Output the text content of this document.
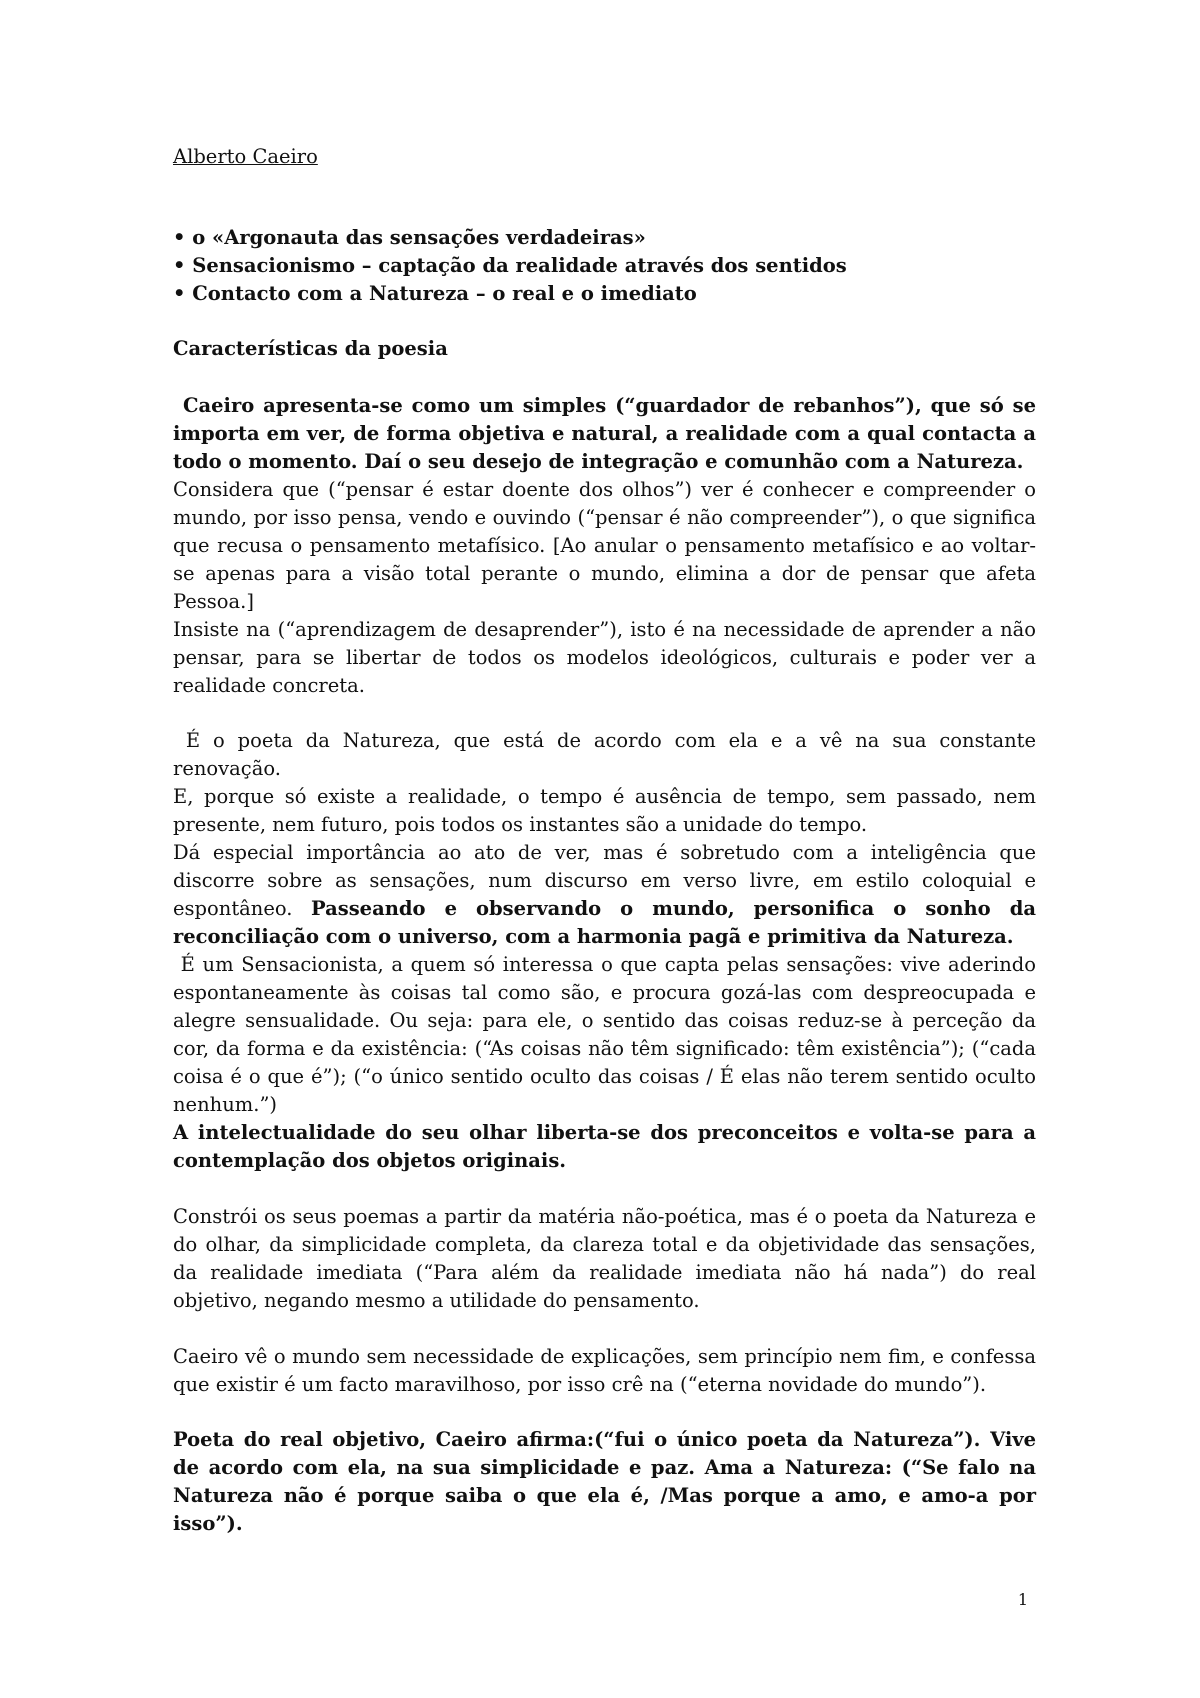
Alberto Caeiro
• o «Argonauta das sensações verdadeiras»
• Sensacionismo – captação da realidade através dos sentidos
• Contacto com a Natureza – o real e o imediato
Características da poesia

Caeiro apresenta-se como um simples (“guardador de rebanhos”), que só se importa em ver, de forma objetiva e natural, a realidade com a qual contacta a todo o momento. Daí o seu desejo de integração e comunhão com a Natureza.

Considera que (“pensar é estar doente dos olhos”) ver é conhecer e compreender o mundo, por isso pensa, vendo e ouvindo (“pensar é não compreender”), o que significa que recusa o pensamento metafísico. [Ao anular o pensamento metafísico e ao voltar-se apenas para a visão total perante o mundo, elimina a dor de pensar que afeta Pessoa.]
Insiste na (“aprendizagem de desaprender”), isto é na necessidade de aprender a não pensar, para se libertar de todos os modelos ideológicos, culturais e poder ver a realidade concreta.

É o poeta da Natureza, que está de acordo com ela e a vê na sua constante renovação.
E, porque só existe a realidade, o tempo é ausência de tempo, sem passado, nem presente, nem futuro, pois todos os instantes são a unidade do tempo.

Dá especial importância ao ato de ver, mas é sobretudo com a inteligência que discorre sobre as sensações, num discurso em verso livre, em estilo coloquial e espontâneo. Passeando e observando o mundo, personifica o sonho da reconciliação com o universo, com a harmonia pagã e primitiva da Natureza.
É um Sensacionista, a quem só interessa o que capta pelas sensações: vive aderindo espontaneamente às coisas tal como são, e procura gozá-las com despreocupada e alegre sensualidade. Ou seja: para ele, o sentido das coisas reduz-se à perceção da cor, da forma e da existência: (“As coisas não têm significado: têm existência”); (“cada coisa é o que é”); (“o único sentido oculto das coisas / É elas não terem sentido oculto nenhum.”)
A intelectualidade do seu olhar liberta-se dos preconceitos e volta-se para a contemplação dos objetos originais.

Constrói os seus poemas a partir da matéria não-poética, mas é o poeta da Natureza e do olhar, da simplicidade completa, da clareza total e da objetividade das sensações, da realidade imediata (“Para além da realidade imediata não há nada”) do real objetivo, negando mesmo a utilidade do pensamento.

Caeiro vê o mundo sem necessidade de explicações, sem princípio nem fim, e confessa que existir é um facto maravilhoso, por isso crê na (“eterna novidade do mundo”).

Poeta do real objetivo, Caeiro afirma:(“fui o único poeta da Natureza”). Vive de acordo com ela, na sua simplicidade e paz. Ama a Natureza: (“Se falo na Natureza não é porque saiba o que ela é, /Mas porque a amo, e amo-a por isso”).

1
